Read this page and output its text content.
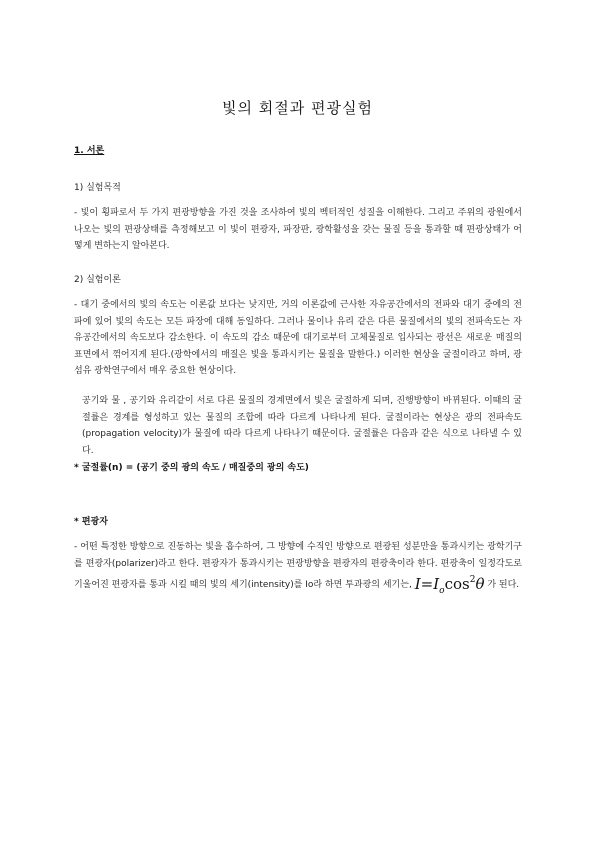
빛의 회절과 편광실험
1. 서론
1) 실험목적

- 빛이 횡파로서 두 가지 편광방향을 가진 것을 조사하여 빛의 벡터적인 성질을 이해한다. 그리고 주위의 광원에서 나오는 빛의 편광상태를 측정해보고 이 빛이 편광자, 파장판, 광학활성을 갖는 물질 등을 통과할 때 편광상태가 어떻게 변하는지 알아본다.

2) 실험이론

- 대기 중에서의 빛의 속도는 이론값 보다는 낮지만, 거의 이론값에 근사한 자유공간에서의 전파와 대기 중에의 전파에 있어 빛의 속도는 모든 파장에 대해 동일하다. 그러나 물이나 유리 같은 다른 물질에서의 빛의 전파속도는 자유공간에서의 속도보다 감소한다. 이 속도의 감소 때문에 대기로부터 고체물질로 입사되는 광선은 새로운 매질의 표면에서 꺾어지게 된다.(광학에서의 매질은 빛을 통과시키는 물질을 말한다.) 이러한 현상을 굴절이라고 하며, 광섬유 광학연구에서 매우 중요한 현상이다.

공기와 물 , 공기와 유리같이 서로 다른 물질의 경계면에서 빛은 굴절하게 되며, 진행방향이 바뀌된다. 이때의 굴절률은 경계를 형성하고 있는 물질의 조합에 따라 다르게 나타나게 된다. 굴절이라는 현상은 광의 전파속도(propagation velocity)가 물질에 따라 다르게 나타나기 때문이다. 굴절률은 다음과 같은 식으로 나타낼 수 있다.

* 굴절률(n) = (공기 중의 광의 속도 / 매질중의 광의 속도)
* 편광자

- 어떤 특정한 방향으로 진동하는 빛을 흡수하여, 그 방향에 수직인 방향으로 편광된 성분만을 통과시키는 광학기구를 편광자(polarizer)라고 한다. 편광자가 통과시키는 편광방향을 편광자의 편광축이라 한다. 편광축이 일정각도로 기울어진 편광자를 통과 시킬 때의 빛의 세기(intensity)를 Io라 하면 투과광의 세기는, $I=I_o\cos^2\theta$ 가 된다.
